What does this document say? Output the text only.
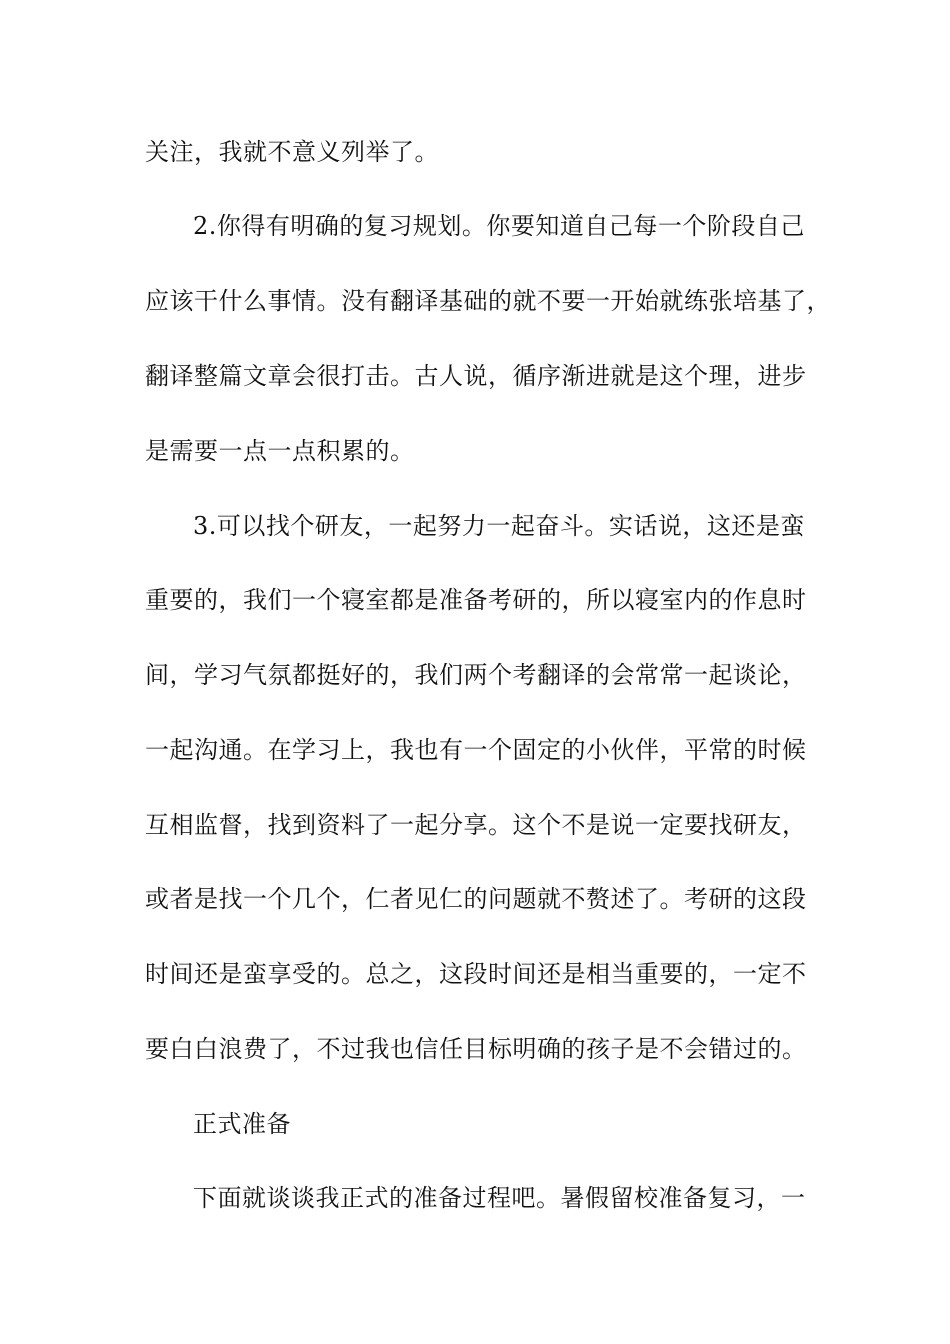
关注，我就不意义列举了。
2.你得有明确的复习规划。你要知道自己每一个阶段自己
应该干什么事情。没有翻译基础的就不要一开始就练张培基了，
翻译整篇文章会很打击。古人说，循序渐进就是这个理，进步
是需要一点一点积累的。
3.可以找个研友，一起努力一起奋斗。实话说，这还是蛮
重要的，我们一个寝室都是准备考研的，所以寝室内的作息时
间，学习气氛都挺好的，我们两个考翻译的会常常一起谈论，
一起沟通。在学习上，我也有一个固定的小伙伴，平常的时候
互相监督，找到资料了一起分享。这个不是说一定要找研友，
或者是找一个几个，仁者见仁的问题就不赘述了。考研的这段
时间还是蛮享受的。总之，这段时间还是相当重要的，一定不
要白白浪费了，不过我也信任目标明确的孩子是不会错过的。
正式准备
下面就谈谈我正式的准备过程吧。暑假留校准备复习，一
